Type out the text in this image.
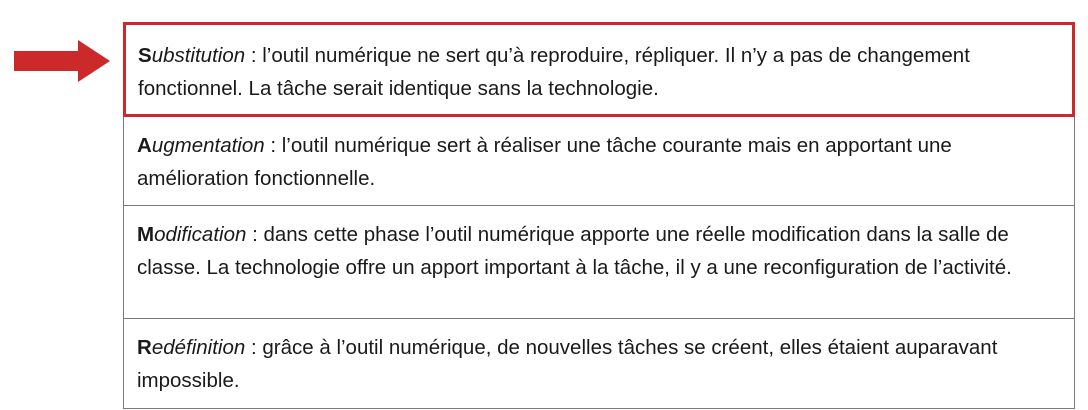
Substitution : l’outil numérique ne sert qu’à reproduire, répliquer. Il n’y a pas de changement fonctionnel. La tâche serait identique sans la technologie.
Augmentation : l’outil numérique sert à réaliser une tâche courante mais en apportant une amélioration fonctionnelle.
Modification : dans cette phase l’outil numérique apporte une réelle modification dans la salle de classe. La technologie offre un apport important à la tâche, il y a une reconfiguration de l’activité.
Redéfinition : grâce à l’outil numérique, de nouvelles tâches se créent, elles étaient auparavant impossible.
